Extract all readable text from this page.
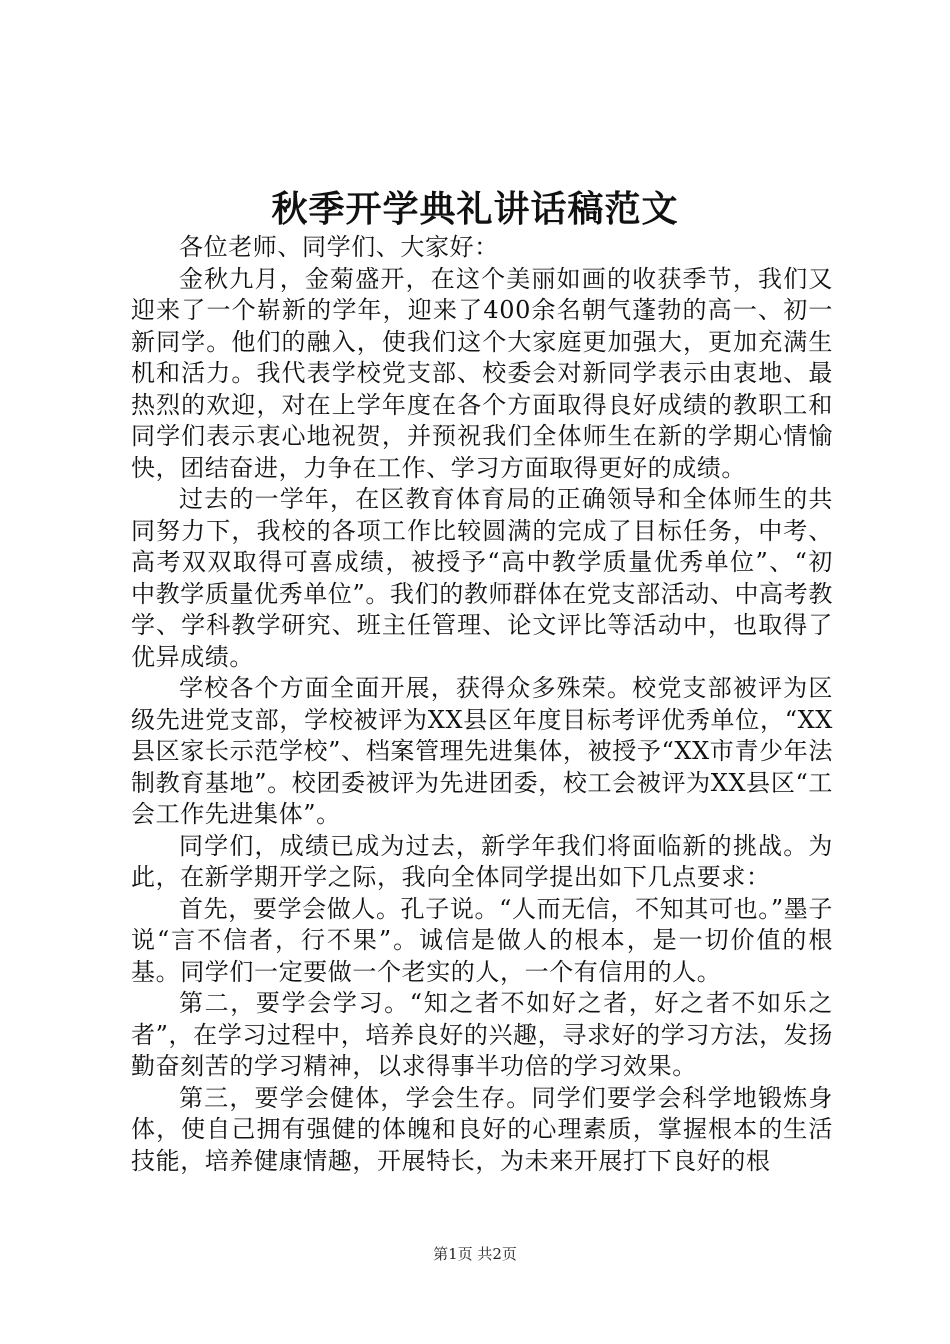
秋季开学典礼讲话稿范文

各位老师、同学们、大家好：

金秋九月，金菊盛开，在这个美丽如画的收获季节，我们又迎来了一个崭新的学年，迎来了400余名朝气蓬勃的高一、初一新同学。他们的融入，使我们这个大家庭更加强大，更加充满生机和活力。我代表学校党支部、校委会对新同学表示由衷地、最热烈的欢迎，对在上学年度在各个方面取得良好成绩的教职工和同学们表示衷心地祝贺，并预祝我们全体师生在新的学期心情愉快，团结奋进，力争在工作、学习方面取得更好的成绩。

过去的一学年，在区教育体育局的正确领导和全体师生的共同努力下，我校的各项工作比较圆满的完成了目标任务，中考、高考双双取得可喜成绩，被授予“高中教学质量优秀单位”、“初中教学质量优秀单位”。我们的教师群体在党支部活动、中高考教学、学科教学研究、班主任管理、论文评比等活动中，也取得了优异成绩。

学校各个方面全面开展，获得众多殊荣。校党支部被评为区级先进党支部，学校被评为XX县区年度目标考评优秀单位，“XX县区家长示范学校”、档案管理先进集体，被授予“XX市青少年法制教育基地”。校团委被评为先进团委，校工会被评为XX县区“工会工作先进集体”。

同学们，成绩已成为过去，新学年我们将面临新的挑战。为此，在新学期开学之际，我向全体同学提出如下几点要求：

首先，要学会做人。孔子说。“人而无信，不知其可也。”墨子说“言不信者，行不果”。诚信是做人的根本，是一切价值的根基。同学们一定要做一个老实的人，一个有信用的人。

第二，要学会学习。“知之者不如好之者，好之者不如乐之者”，在学习过程中，培养良好的兴趣，寻求好的学习方法，发扬勤奋刻苦的学习精神，以求得事半功倍的学习效果。

第三，要学会健体，学会生存。同学们要学会科学地锻炼身体，使自己拥有强健的体魄和良好的心理素质，掌握根本的生活技能，培养健康情趣，开展特长，为未来开展打下良好的根

第1页 共2页
